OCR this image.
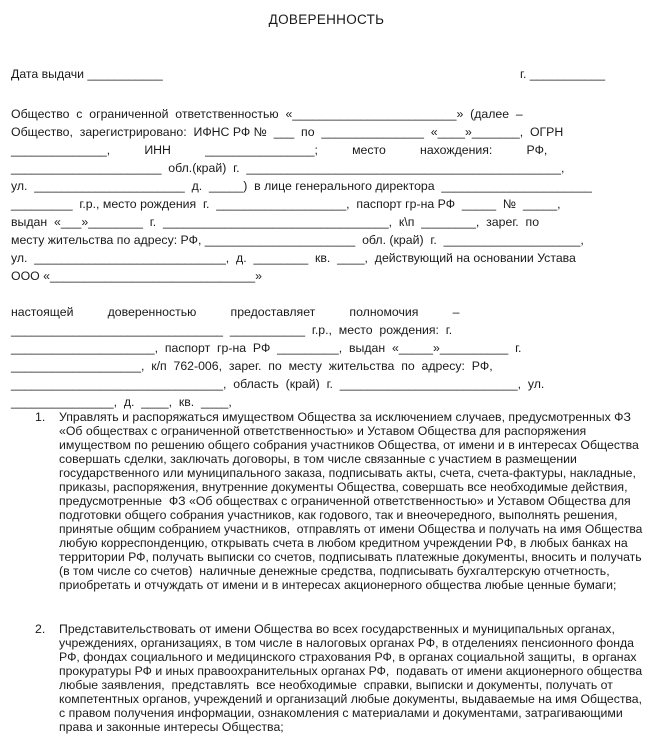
ДОВЕРЕННОСТЬ
Дата выдачи ___________	г. ___________
Общество  с  ограниченной  ответственностью  «________________________»  (далее  –
Общество,  зарегистрировано:  ИФНС РФ №  ___  по  _______________  «____»_______,  ОГРН
______________,          ИНН          ________________;          место          нахождения:          РФ,
______________________  обл.(край)  г.  ______________________________________________,
ул.  ______________________  д.  _____)  в лице генерального директора  ______________________
_________  г.р., место рождения  г.  ___________________,  паспорт гр-на РФ  _____  №  _____,
выдан  «___»________  г.  _________________________________,  к\п  ________,  зарег.  по
месту жительства по адресу: РФ, ______________________  обл. (край)  г.  ____________________,
ул.  ____________________________,  д.  ________  кв.  ____,  действующий на основании Устава
ООО «______________________________»
настоящей          доверенностью          предоставляет          полномочия          –
_______________________________  ___________  г.р.,  место  рождения:  г.
_____________________,  паспорт  гр-на  РФ  _________,  выдан  «_____»__________  г.
___________________,  к/п  762-006,  зарег.  по  месту  жительства  по  адресу:  РФ,
_______________________________,  область  (край)  г.  __________________________,  ул.
_______________,  д.  ____,  кв.  ____,
1. Управлять и распоряжаться имуществом Общества за исключением случаев, предусмотренных ФЗ
«Об обществах с ограниченной ответственностью» и Уставом Общества для распоряжения
имуществом по решению общего собрания участников Общества, от имени и в интересах Общества
совершать сделки, заключать договоры, в том числе связанные с участием в размещении
государственного или муниципального заказа, подписывать акты, счета, счета-фактуры, накладные,
приказы, распоряжения, внутренние документы Общества, совершать все необходимые действия,
предусмотренные  ФЗ «Об обществах с ограниченной ответственностью» и Уставом Общества для
подготовки общего собрания участников, как годового, так и внеочередного, выполнять решения,
принятые общим собранием участников,  отправлять от имени Общества и получать на имя Общества
любую корреспонденцию, открывать счета в любом кредитном учреждении РФ, в любых банках на
территории РФ, получать выписки со счетов, подписывать платежные документы, вносить и получать
(в том числе со счетов)  наличные денежные средства, подписывать бухгалтерскую отчетность,
приобретать и отчуждать от имени и в интересах акционерного общества любые ценные бумаги;
2. Представительствовать от имени Общества во всех государственных и муниципальных органах,
учреждениях, организациях, в том числе в налоговых органах РФ, в отделениях пенсионного фонда
РФ, фондах социального и медицинского страхования РФ, в органах социальной защиты,  в органах
прокуратуры РФ и иных правоохранительных органах РФ,  подавать от имени акционерного общества
любые заявления,  представлять  все необходимые  справки, выписки и документы, получать от
компетентных органов, учреждений и организаций любые документы, выдаваемые на имя Общества,
с правом получения информации, ознакомления с материалами и документами, затрагивающими
права и законные интересы Общества;
